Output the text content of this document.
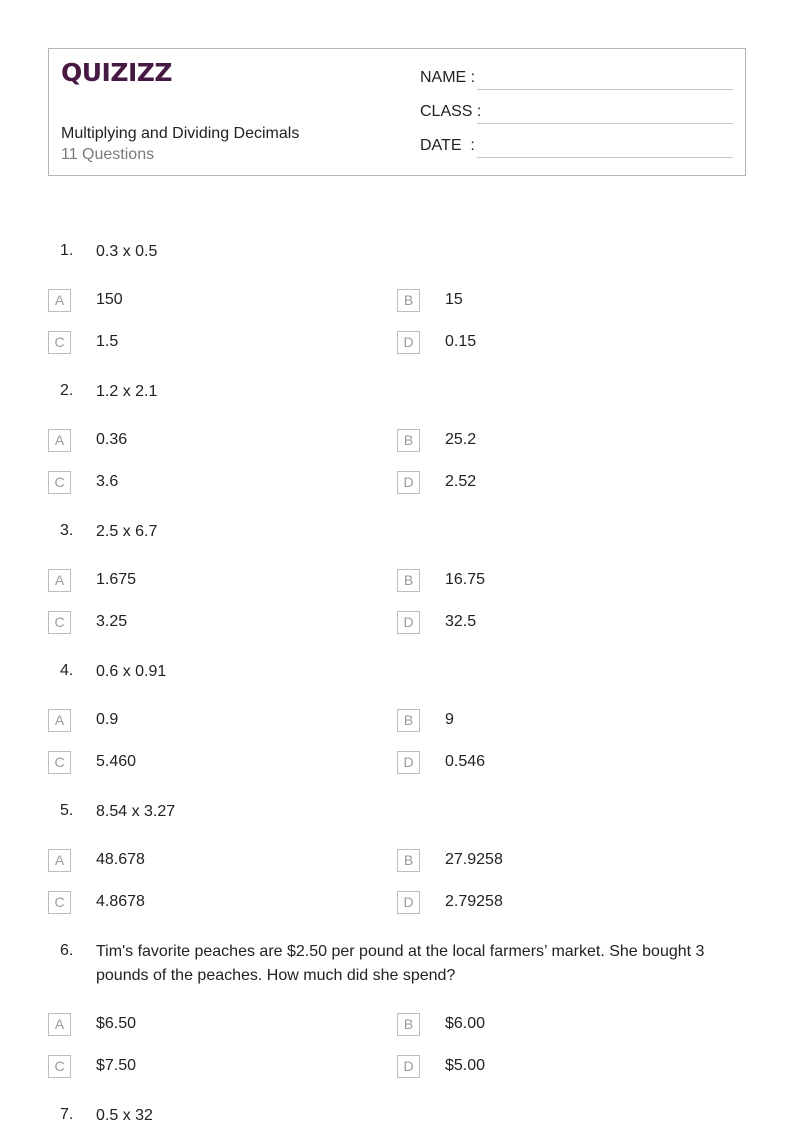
QUIZIZZ
Multiplying and Dividing Decimals
11 Questions
NAME :
CLASS :
DATE  :
1. 0.3 x 0.5
A	150	B	15
C	1.5	D	0.15
2. 1.2 x 2.1
A	0.36	B	25.2
C	3.6	D	2.52
3. 2.5 x 6.7
A	1.675	B	16.75
C	3.25	D	32.5
4. 0.6 x 0.91
A	0.9	B	9
C	5.460	D	0.546
5. 8.54 x 3.27
A	48.678	B	27.9258
C	4.8678	D	2.79258
6. Tim's favorite peaches are $2.50 per pound at the local farmers’ market. She bought 3 pounds of the peaches. How much did she spend?
A	$6.50	B	$6.00
C	$7.50	D	$5.00
7. 0.5 x 32
